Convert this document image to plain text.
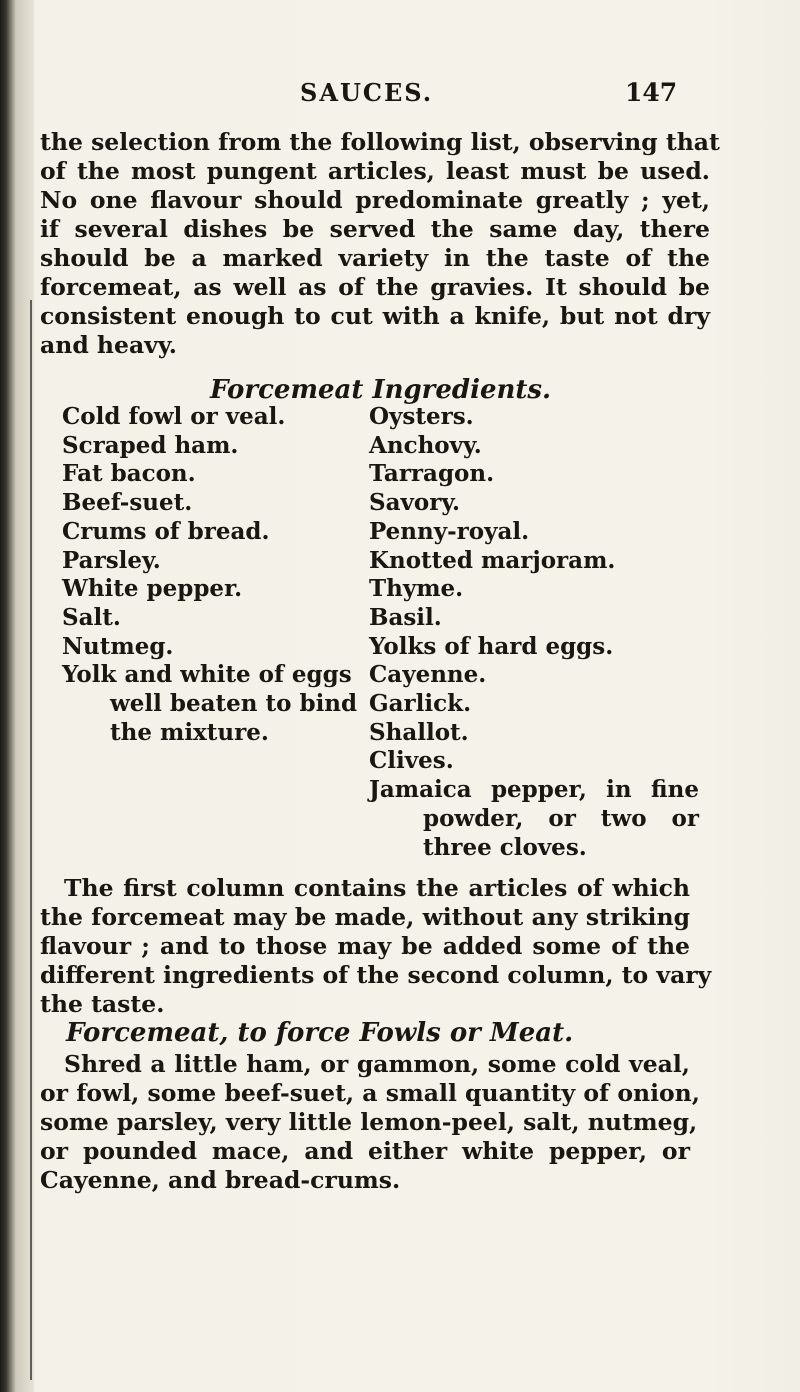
SAUCES.	147
the selection from the following list, observing that
of the most pungent articles, least must be used.
No one flavour should predominate greatly ; yet,
if several dishes be served the same day, there
should be a marked variety in the taste of the
forcemeat, as well as of the gravies. It should be
consistent enough to cut with a knife, but not dry
and heavy.
Forcemeat Ingredients.
Cold fowl or veal.
Scraped ham.
Fat bacon.
Beef-suet.
Crums of bread.
Parsley.
White pepper.
Salt.
Nutmeg.
Yolk and white of eggs
well beaten to bind
the mixture.
Oysters.
Anchovy.
Tarragon.
Savory.
Penny-royal.
Knotted marjoram.
Thyme.
Basil.
Yolks of hard eggs.
Cayenne.
Garlick.
Shallot.
Clives.
Jamaica pepper, in fine
powder, or two or
three cloves.
The first column contains the articles of which
the forcemeat may be made, without any striking
flavour ; and to those may be added some of the
different ingredients of the second column, to vary
the taste.
Forcemeat, to force Fowls or Meat.
Shred a little ham, or gammon, some cold veal,
or fowl, some beef-suet, a small quantity of onion,
some parsley, very little lemon-peel, salt, nutmeg,
or pounded mace, and either white pepper, or
Cayenne, and bread-crums.
